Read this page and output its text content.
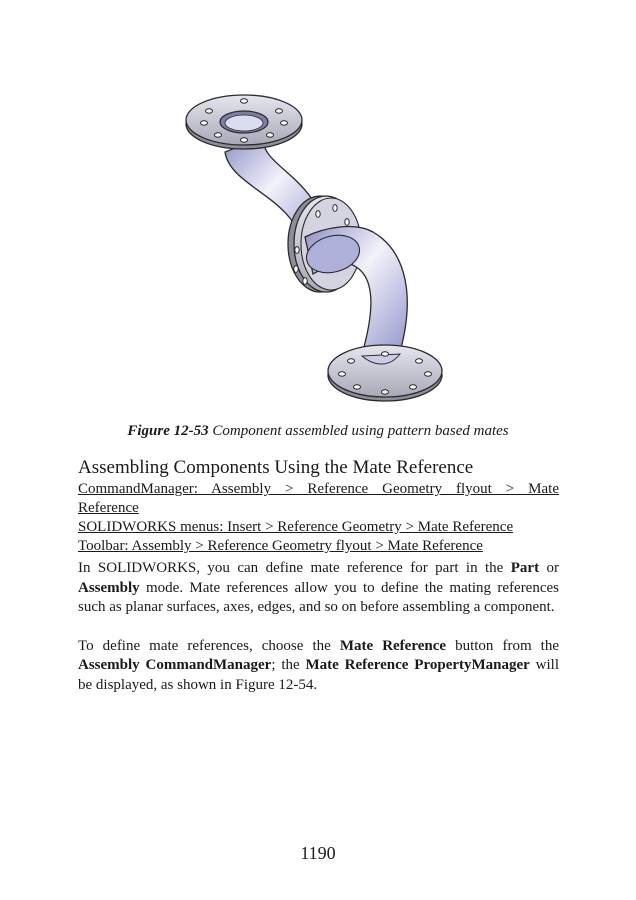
Figure 12-53 Component assembled using pattern based mates
Assembling Components Using the Mate Reference
CommandManager: Assembly > Reference Geometry flyout > Mate
Reference
SOLIDWORKS menus: Insert > Reference Geometry > Mate Reference
Toolbar: Assembly > Reference Geometry flyout > Mate Reference

In SOLIDWORKS, you can define mate reference for part in the Part or Assembly mode. Mate references allow you to define the mating references such as planar surfaces, axes, edges, and so on before assembling a component.

To define mate references, choose the Mate Reference button from the Assembly CommandManager; the Mate Reference PropertyManager will be displayed, as shown in Figure 12-54.

1190
